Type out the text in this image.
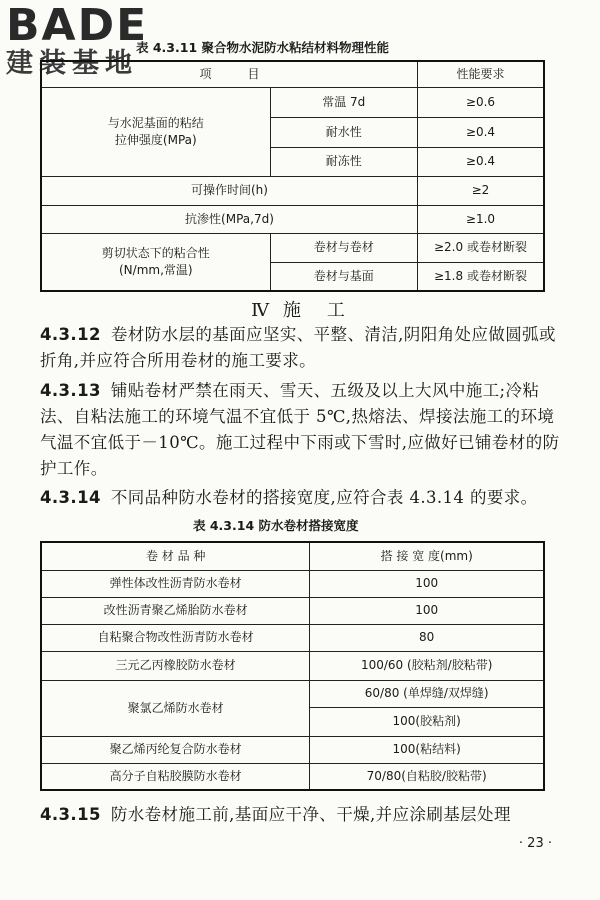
BADE
建装基地
表 4.3.11 聚合物水泥防水粘结材料物理性能
项　　　目		性能要求

与水泥基面的粘结
拉伸强度(MPa)	常温 7d	≥0.6
	耐水性	≥0.4
	耐冻性	≥0.4
可操作时间(h)		≥2
抗渗性(MPa,7d)		≥1.0

剪切状态下的粘合性
(N/mm,常温)	卷材与卷材	≥2.0 或卷材断裂
	卷材与基面	≥1.8 或卷材断裂
Ⅳ 施　工
4.3.12 卷材防水层的基面应坚实、平整、清洁,阴阳角处应做圆弧或折角,并应符合所用卷材的施工要求。
4.3.13 铺贴卷材严禁在雨天、雪天、五级及以上大风中施工;冷粘法、自粘法施工的环境气温不宜低于 5℃,热熔法、焊接法施工的环境气温不宜低于－10℃。施工过程中下雨或下雪时,应做好已铺卷材的防护工作。
4.3.14 不同品种防水卷材的搭接宽度,应符合表 4.3.14 的要求。
表 4.3.14 防水卷材搭接宽度
卷 材 品 种	搭 接 宽 度(mm)
弹性体改性沥青防水卷材	100
改性沥青聚乙烯胎防水卷材	100
自粘聚合物改性沥青防水卷材	80
三元乙丙橡胶防水卷材	100/60 (胶粘剂/胶粘带)
聚氯乙烯防水卷材	60/80 (单焊缝/双焊缝)
	100(胶粘剂)
聚乙烯丙纶复合防水卷材	100(粘结料)
高分子自粘胶膜防水卷材	70/80(自粘胶/胶粘带)
4.3.15 防水卷材施工前,基面应干净、干燥,并应涂刷基层处理
· 23 ·
